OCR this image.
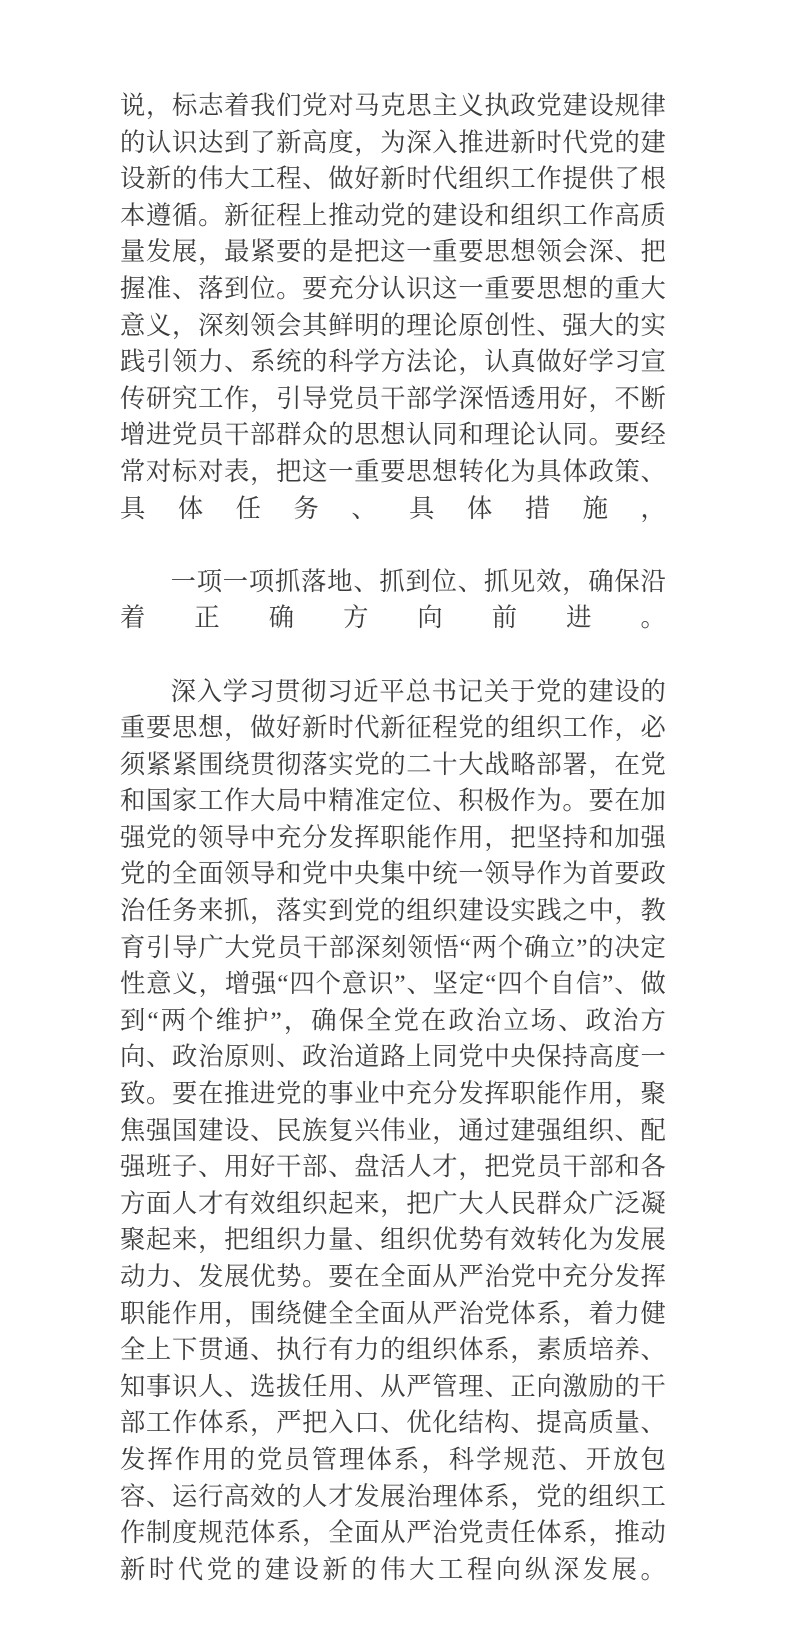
说，标志着我们党对马克思主义执政党建设规律的认识达到了新高度，为深入推进新时代党的建设新的伟大工程、做好新时代组织工作提供了根本遵循。新征程上推动党的建设和组织工作高质量发展，最紧要的是把这一重要思想领会深、把握准、落到位。要充分认识这一重要思想的重大意义，深刻领会其鲜明的理论原创性、强大的实践引领力、系统的科学方法论，认真做好学习宣传研究工作，引导党员干部学深悟透用好，不断增进党员干部群众的思想认同和理论认同。要经常对标对表，把这一重要思想转化为具体政策、具体任务、具体措施，

一项一项抓落地、抓到位、抓见效，确保沿着正确方向前进。

深入学习贯彻习近平总书记关于党的建设的重要思想，做好新时代新征程党的组织工作，必须紧紧围绕贯彻落实党的二十大战略部署，在党和国家工作大局中精准定位、积极作为。要在加强党的领导中充分发挥职能作用，把坚持和加强党的全面领导和党中央集中统一领导作为首要政治任务来抓，落实到党的组织建设实践之中，教育引导广大党员干部深刻领悟“两个确立”的决定性意义，增强“四个意识”、坚定“四个自信”、做到“两个维护”，确保全党在政治立场、政治方向、政治原则、政治道路上同党中央保持高度一致。要在推进党的事业中充分发挥职能作用，聚焦强国建设、民族复兴伟业，通过建强组织、配强班子、用好干部、盘活人才，把党员干部和各方面人才有效组织起来，把广大人民群众广泛凝聚起来，把组织力量、组织优势有效转化为发展动力、发展优势。要在全面从严治党中充分发挥职能作用，围绕健全全面从严治党体系，着力健全上下贯通、执行有力的组织体系，素质培养、知事识人、选拔任用、从严管理、正向激励的干部工作体系，严把入口、优化结构、提高质量、发挥作用的党员管理体系，科学规范、开放包容、运行高效的人才发展治理体系，党的组织工作制度规范体系，全面从严治党责任体系，推动新时代党的建设新的伟大工程向纵深发展。
